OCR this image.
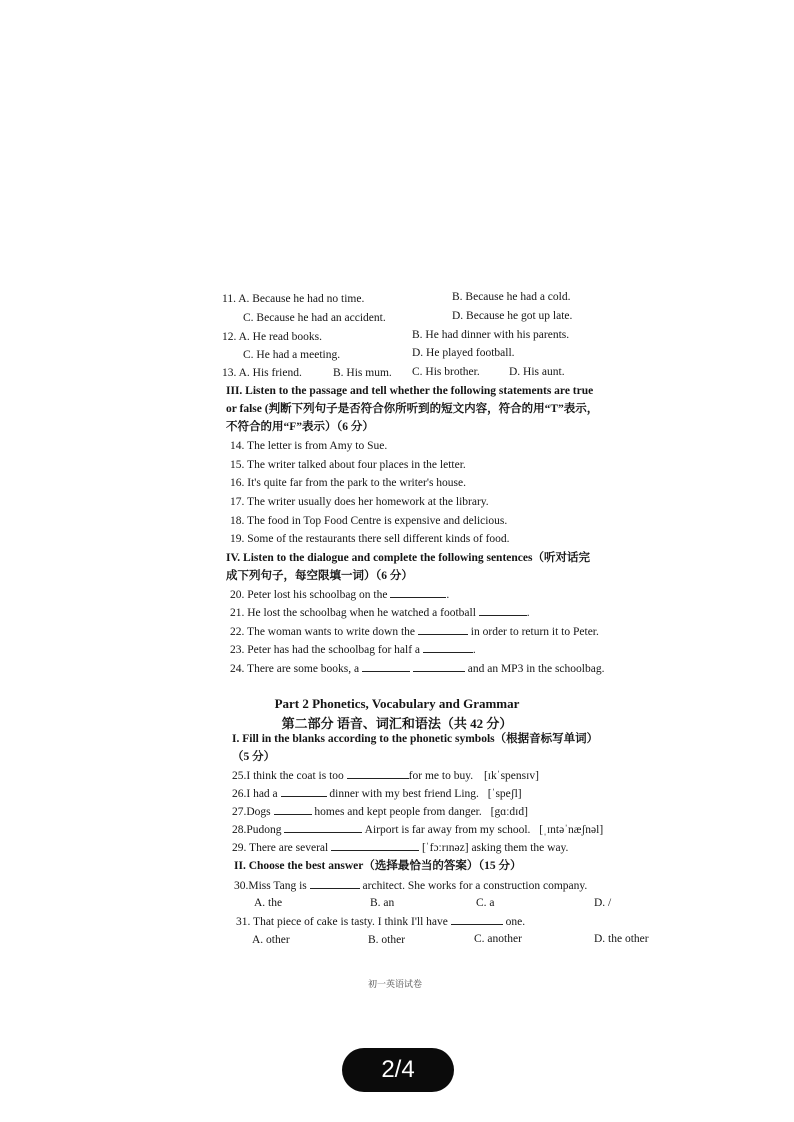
11. A. Because he had no time.	B. Because he had a cold.
C. Because he had an accident.	D. Because he got up late.
12. A. He read books.	B. He had dinner with his parents.
C. He had a meeting.	D. He played football.
13. A. His friend.	B. His mum. C. His brother.	D. His aunt.
III. Listen to the passage and tell whether the following statements are true
or false (判断下列句子是否符合你所听到的短文内容，符合的用“T”表示，
不符合的用“F”表示）（6 分）
14. The letter is from Amy to Sue.
15. The writer talked about four places in the letter.
16. It's quite far from the park to the writer's house.
17. The writer usually does her homework at the library.
18. The food in Top Food Centre is expensive and delicious.
19. Some of the restaurants there sell different kinds of food.
IV. Listen to the dialogue and complete the following sentences（听对话完
成下列句子，每空限填一词）（6 分）
20. Peter lost his schoolbag on the	.
21. He lost the schoolbag when he watched a football	.
22. The woman wants to write down the	in order to return it to Peter.
23. Peter has had the schoolbag for half a	.
24. There are some books, a	and an MP3 in the schoolbag.
Part 2 Phonetics, Vocabulary and Grammar
第二部分 语音、词汇和语法（共 42 分）
I. Fill in the blanks according to the phonetic symbols（根据音标写单词）
（5 分）
25.I think the coat is too	for me to buy. [ɪkˈspensɪv]
26.I had a	dinner with my best friend Ling. [ˈspeʃl]
27.Dogs	homes and kept people from danger. [gɑːdɪd]
28.Pudong	Airport is far away from my school. [ˌɪntəˈnæʃnəl]
29. There are several	[ˈfɔːrɪnəz] asking them the way.
II. Choose the best answer（选择最恰当的答案）（15 分）
30.Miss Tang is	architect. She works for a construction company.
A. the	B. an	C. a	D. /
31. That piece of cake is tasty. I think I'll have	one.
A. other	B. other	C. another	D. the other
初一英语试卷
2/4
